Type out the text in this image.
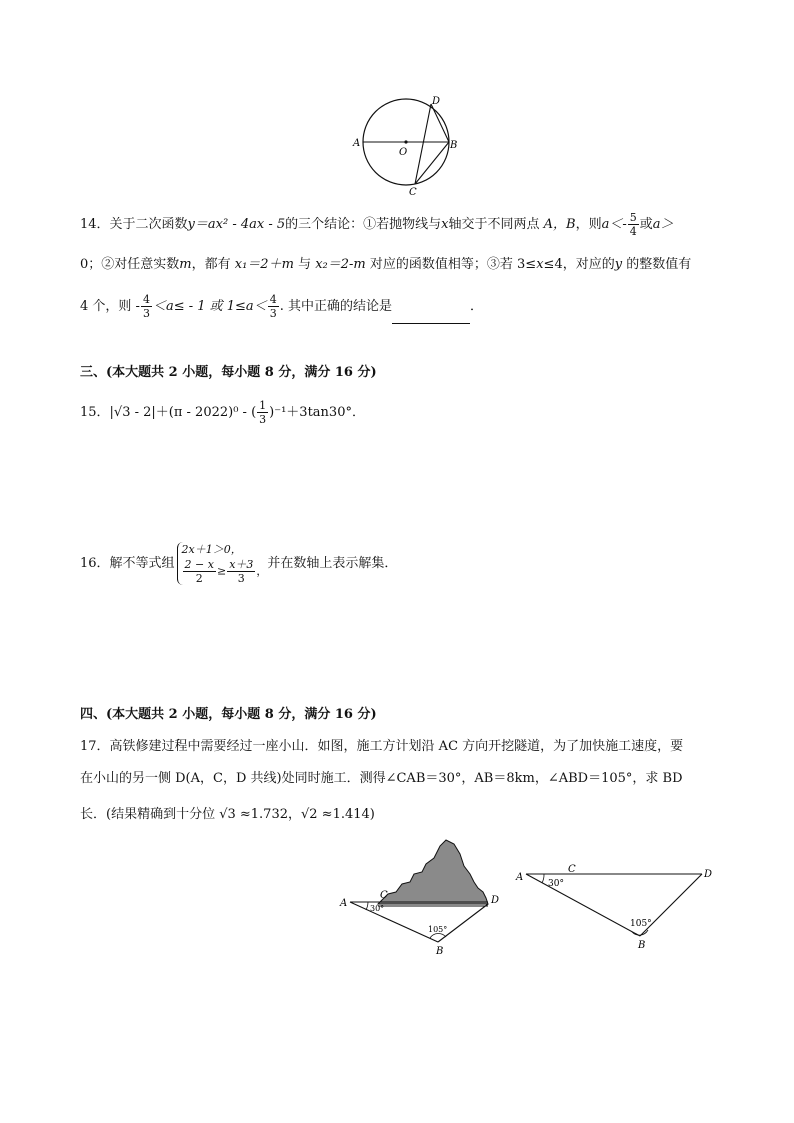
A	B
C
D
O
14．关于二次函数y＝ax² - 4ax - 5的三个结论：①若抛物线与x轴交于不同两点 A，B，则$a<- \frac{5}{4}$ 或a＞
0；②对任意实数m，都有 x₁＝2＋m 与 x₂＝2-m 对应的函数值相等；③若 3≤x≤4，对应的y 的整数值有
4 个，则 - $\frac{4}{3} <a\le - 1$ 或 $1\le a< \frac{4}{3}$ . 其中正确的结论是	．
三、(本大题共 2 小题，每小题 8 分，满分 16 分)
15．|√3 - 2|＋(π - 2022)⁰ - ( $\frac{1}{3} )^{-1}+3\tan 30^\circ$．
16．解不等式组
2x＋1＞0，
$\frac{2 - x}{2} \ge \frac{x+3}{3}$ ， 并在数轴上表示解集．
四、(本大题共 2 小题，每小题 8 分，满分 16 分)
17．高铁修建过程中需要经过一座小山．如图，施工方计划沿 AC 方向开挖隧道，为了加快施工速度，要
在小山的另一侧 D(A，C，D 共线)处同时施工．测得∠CAB＝30°，AB＝8km，∠ABD＝105°，求 BD
长．(结果精确到十分位 √3 ≈1.732，√2 ≈1.414)
A
C	D
B
30°
105°
A
C	D
B
30°
105°
